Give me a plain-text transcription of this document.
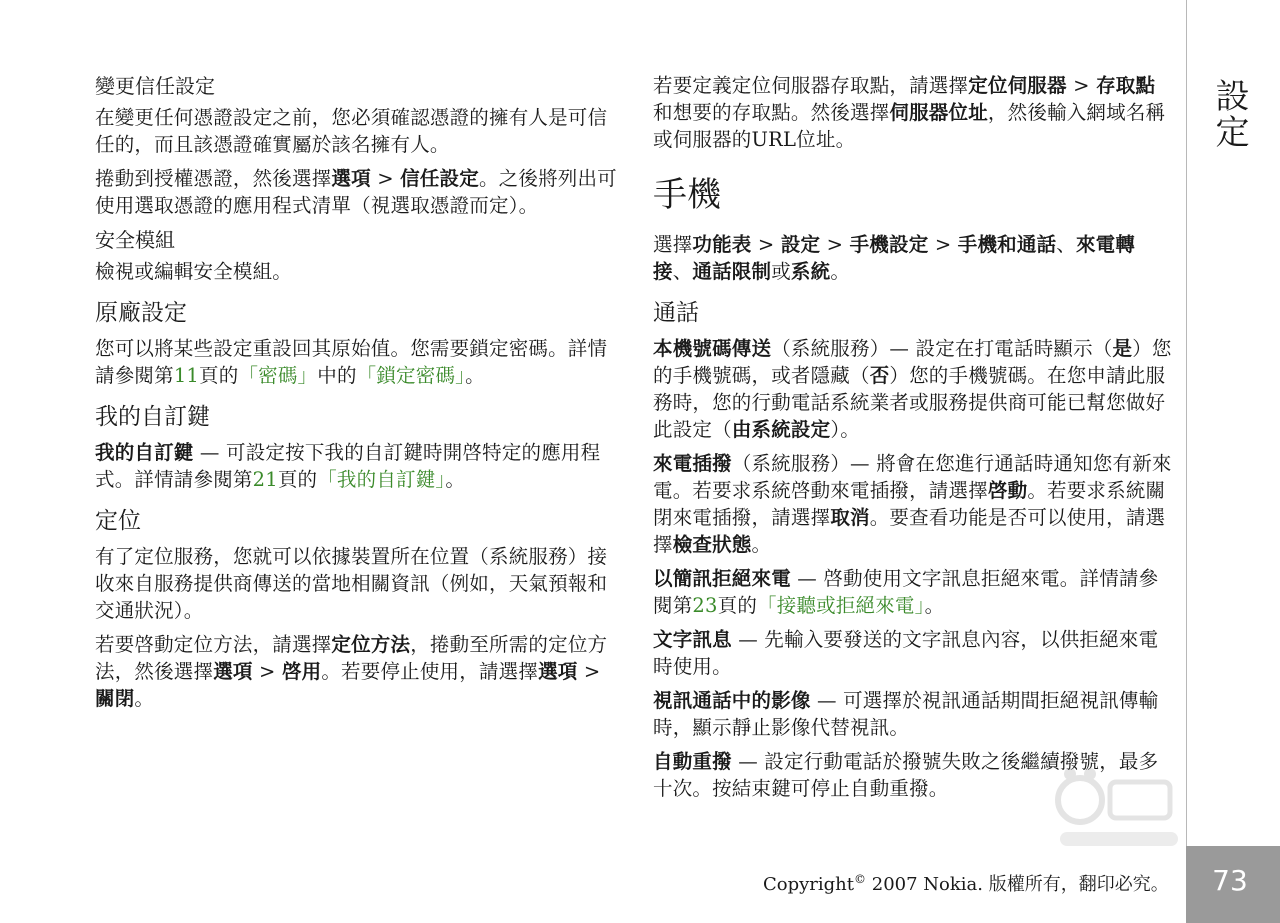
變更信任設定

在變更任何憑證設定之前，您必須確認憑證的擁有人是可信任的，而且該憑證確實屬於該名擁有人。

捲動到授權憑證，然後選擇選項 > 信任設定。之後將列出可使用選取憑證的應用程式清單（視選取憑證而定）。

安全模組

檢視或編輯安全模組。

原廠設定

您可以將某些設定重設回其原始值。您需要鎖定密碼。詳情請參閱第11頁的「密碼」中的「鎖定密碼」。

我的自訂鍵

我的自訂鍵 — 可設定按下我的自訂鍵時開啓特定的應用程式。詳情請參閱第21頁的「我的自訂鍵」。

定位

有了定位服務，您就可以依據裝置所在位置（系統服務）接收來自服務提供商傳送的當地相關資訊（例如，天氣預報和交通狀況）。

若要啓動定位方法，請選擇定位方法，捲動至所需的定位方法，然後選擇選項 > 啓用。若要停止使用，請選擇選項 > 關閉。

若要定義定位伺服器存取點，請選擇定位伺服器 > 存取點和想要的存取點。然後選擇伺服器位址，然後輸入網域名稱或伺服器的URL位址。

手機

選擇功能表 > 設定 > 手機設定 > 手機和通話、來電轉接、通話限制或系統。

通話

本機號碼傳送（系統服務）— 設定在打電話時顯示（是）您的手機號碼，或者隱藏（否）您的手機號碼。在您申請此服務時，您的行動電話系統業者或服務提供商可能已幫您做好此設定（由系統設定）。

來電插撥（系統服務）— 將會在您進行通話時通知您有新來電。若要求系統啓動來電插撥，請選擇啓動。若要求系統關閉來電插撥，請選擇取消。要查看功能是否可以使用，請選擇檢查狀態。

以簡訊拒絕來電 — 啓動使用文字訊息拒絕來電。詳情請參閱第23頁的「接聽或拒絕來電」。

文字訊息 — 先輸入要發送的文字訊息內容，以供拒絕來電時使用。

視訊通話中的影像 — 可選擇於視訊通話期間拒絕視訊傳輸時，顯示靜止影像代替視訊。

自動重撥 — 設定行動電話於撥號失敗之後繼續撥號，最多十次。按結束鍵可停止自動重撥。

設定
73
Copyright© 2007 Nokia. 版權所有，翻印必究。
